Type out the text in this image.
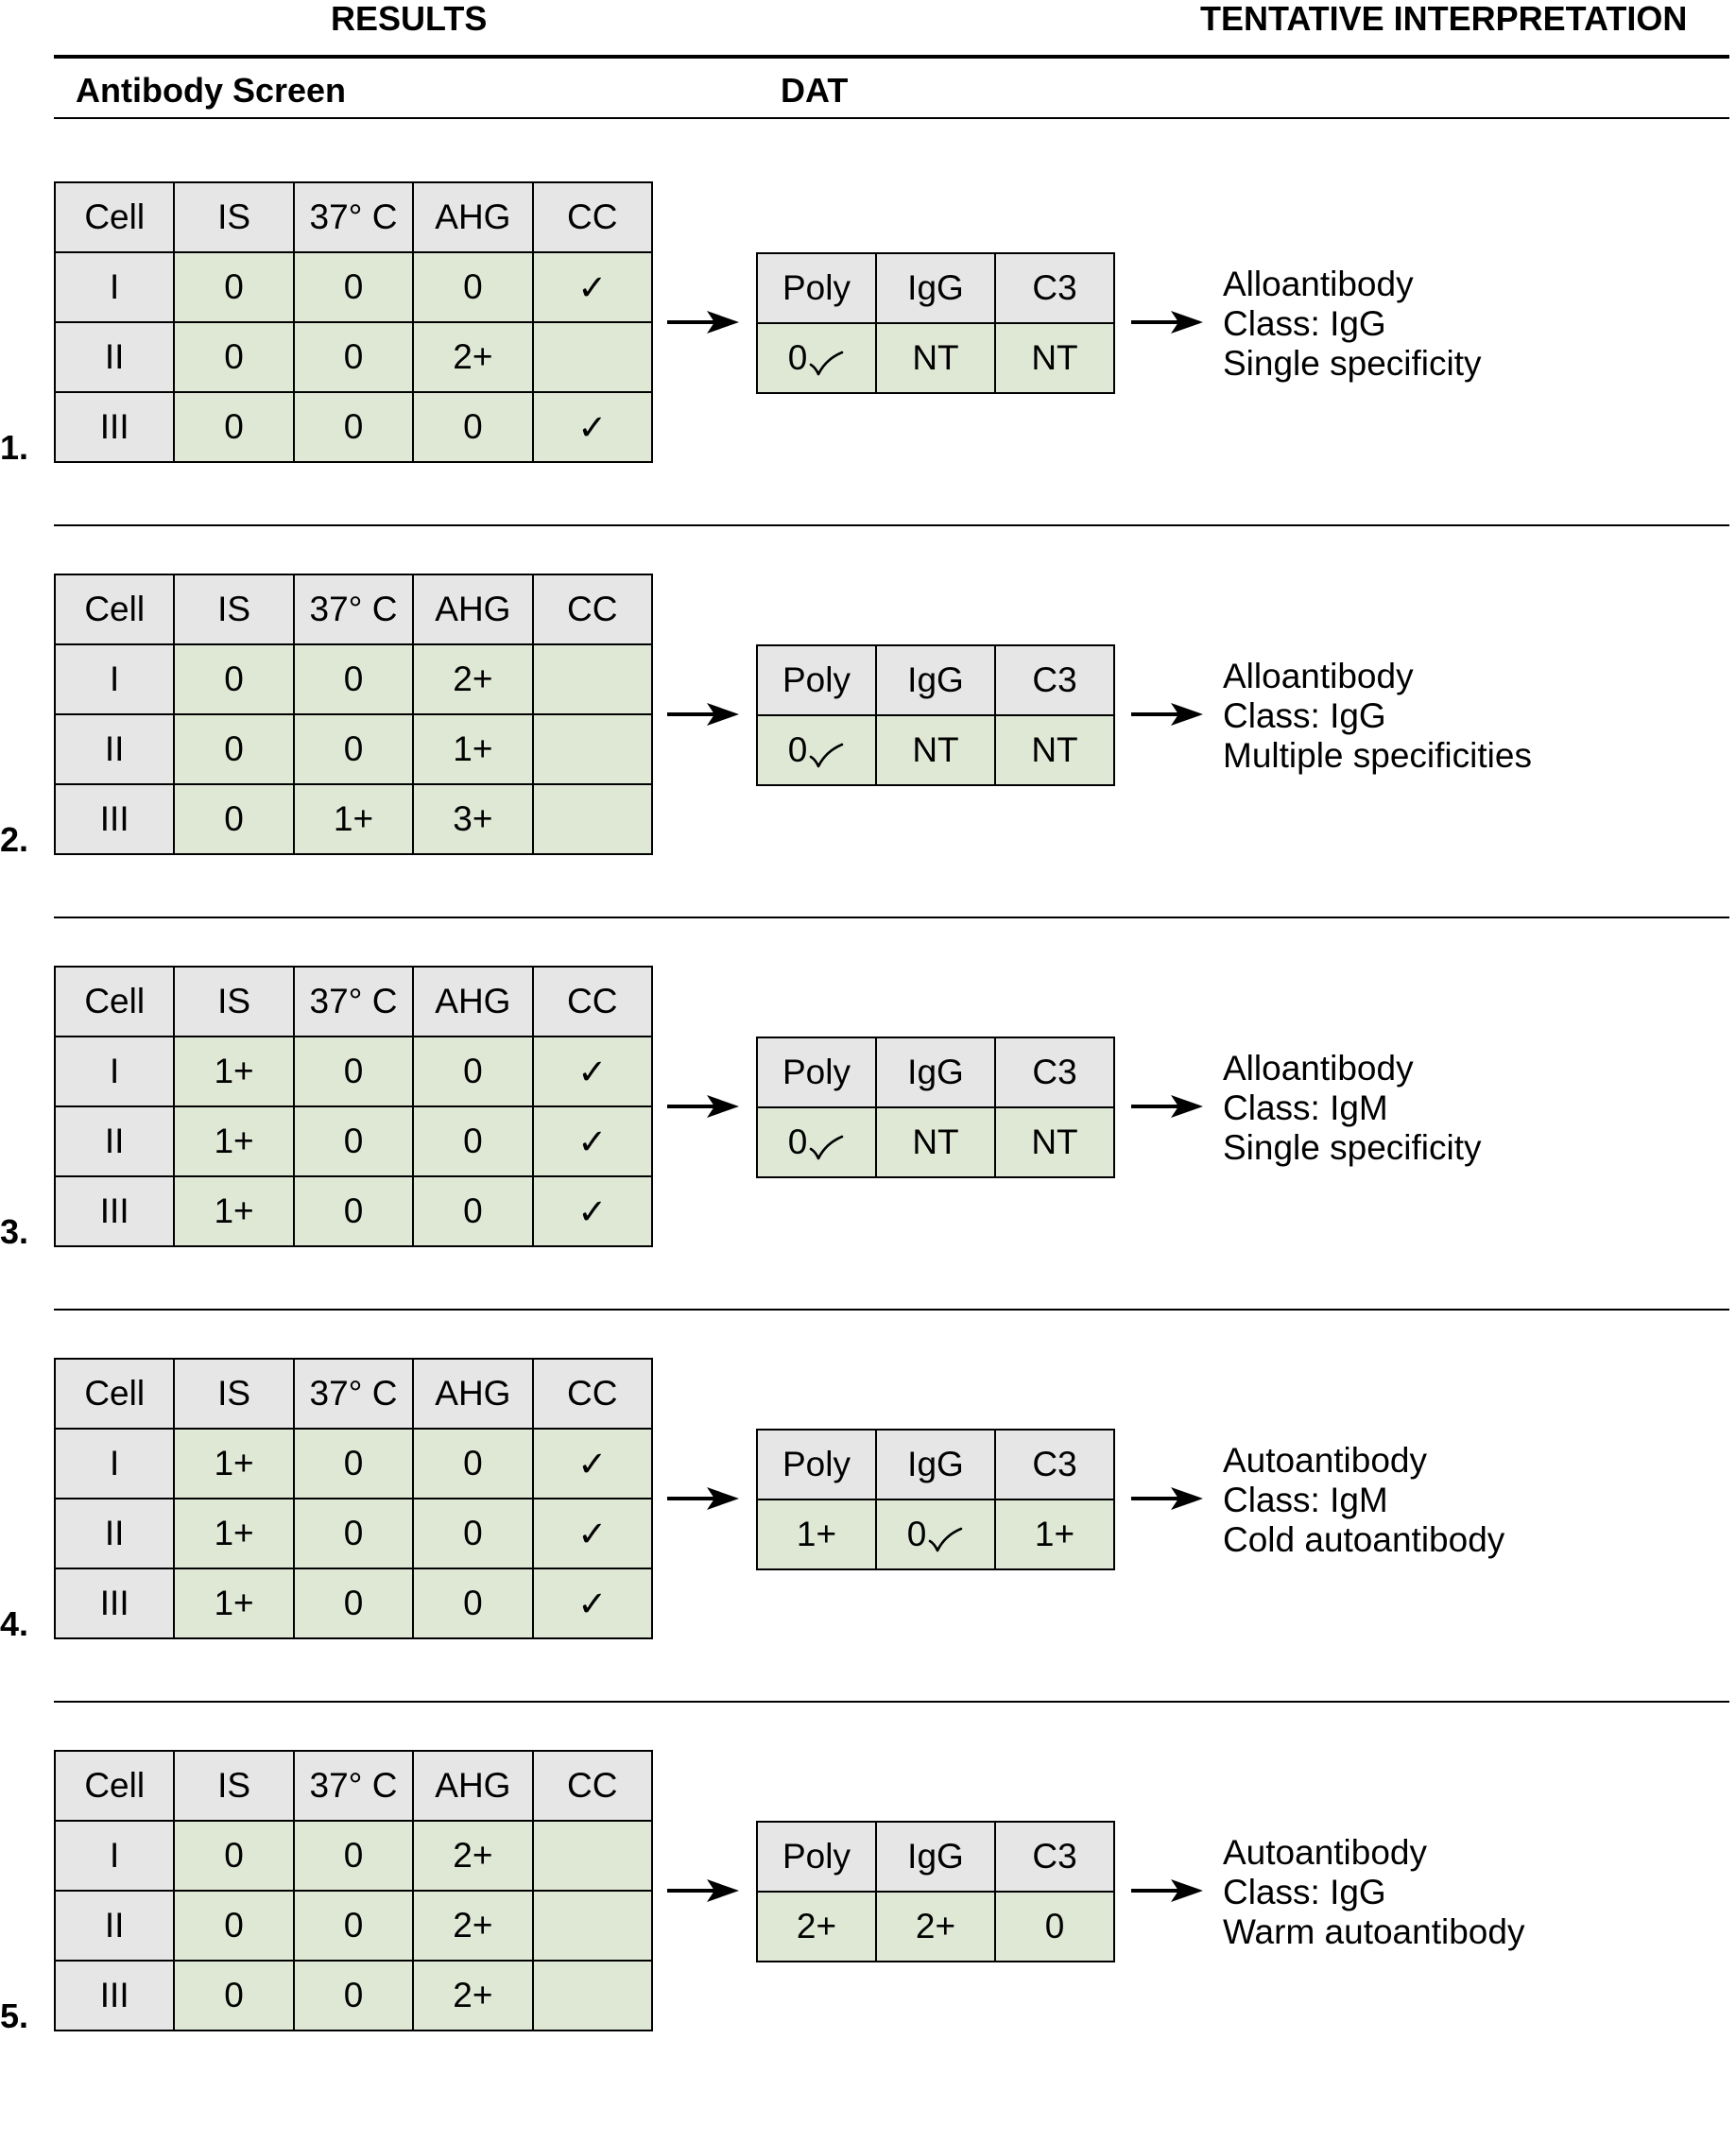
RESULTS	TENTATIVE INTERPRETATION
Antibody Screen	DAT
Cell	IS	37° C	AHG	CC
I	0	0	0	✓
II	0	0	2+	
III	0	0	0	✓
Poly	IgG	C3
0	NT	NT
Alloantibody
Class: IgG
Single specificity
1.
Cell	IS	37° C	AHG	CC
I	0	0	2+	
II	0	0	1+	
III	0	1+	3+	
Poly	IgG	C3
0	NT	NT
Alloantibody
Class: IgG
Multiple specificities
2.
Cell	IS	37° C	AHG	CC
I	1+	0	0	✓
II	1+	0	0	✓
III	1+	0	0	✓
Poly	IgG	C3
0	NT	NT
Alloantibody
Class: IgM
Single specificity
3.
Cell	IS	37° C	AHG	CC
I	1+	0	0	✓
II	1+	0	0	✓
III	1+	0	0	✓
Poly	IgG	C3
1+	0	1+
Autoantibody
Class: IgM
Cold autoantibody
4.
Cell	IS	37° C	AHG	CC
I	0	0	2+	
II	0	0	2+	
III	0	0	2+	
Poly	IgG	C3
2+	2+	0
Autoantibody
Class: IgG
Warm autoantibody
5.
